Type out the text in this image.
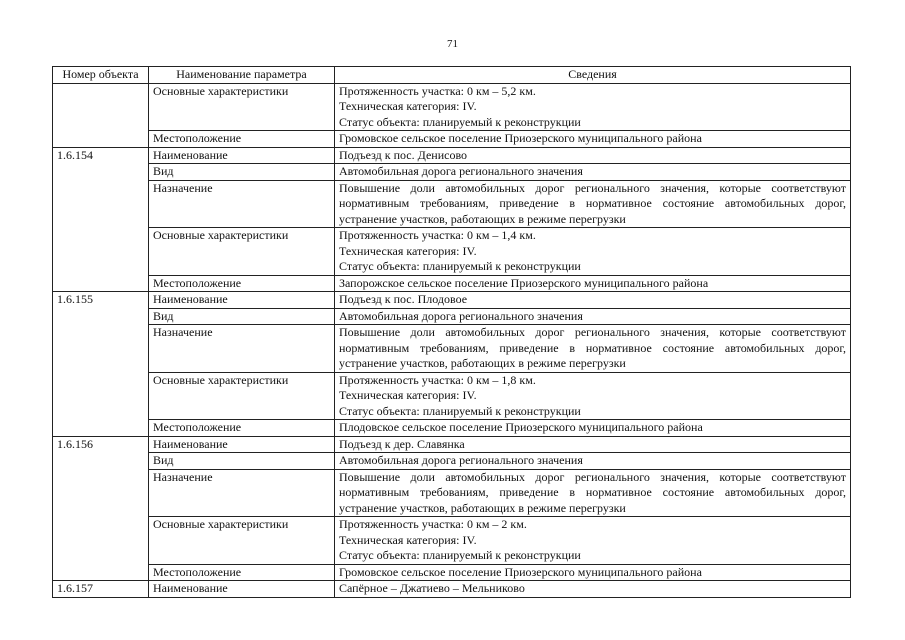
71
Номер объекта	Наименование параметра	Сведения
	Основные характеристики	Протяженность участка: 0 км – 5,2 км.
Техническая категория: IV.
Статус объекта: планируемый к реконструкции

	Местоположение	Громовское сельское поселение Приозерского муниципального района

1.6.154	Наименование	Подъезд к пос. Денисово

	Вид	Автомобильная дорога регионального значения

	Назначение	Повышение доли автомобильных дорог регионального значения, которые соответствуют нормативным требованиям, приведение в нормативное состояние автомобильных дорог, устранение участков, работающих в режиме перегрузки

	Основные характеристики	Протяженность участка: 0 км – 1,4 км.
Техническая категория: IV.
Статус объекта: планируемый к реконструкции

	Местоположение	Запорожское сельское поселение Приозерского муниципального района

1.6.155	Наименование	Подъезд к пос. Плодовое

	Вид	Автомобильная дорога регионального значения

	Назначение	Повышение доли автомобильных дорог регионального значения, которые соответствуют нормативным требованиям, приведение в нормативное состояние автомобильных дорог, устранение участков, работающих в режиме перегрузки

	Основные характеристики	Протяженность участка: 0 км – 1,8 км.
Техническая категория: IV.
Статус объекта: планируемый к реконструкции

	Местоположение	Плодовское сельское поселение Приозерского муниципального района

1.6.156	Наименование	Подъезд к дер. Славянка

	Вид	Автомобильная дорога регионального значения

	Назначение	Повышение доли автомобильных дорог регионального значения, которые соответствуют нормативным требованиям, приведение в нормативное состояние автомобильных дорог, устранение участков, работающих в режиме перегрузки

	Основные характеристики	Протяженность участка: 0 км – 2 км.
Техническая категория: IV.
Статус объекта: планируемый к реконструкции

	Местоположение	Громовское сельское поселение Приозерского муниципального района

1.6.157	Наименование	Сапёрное – Джатиево – Мельниково
